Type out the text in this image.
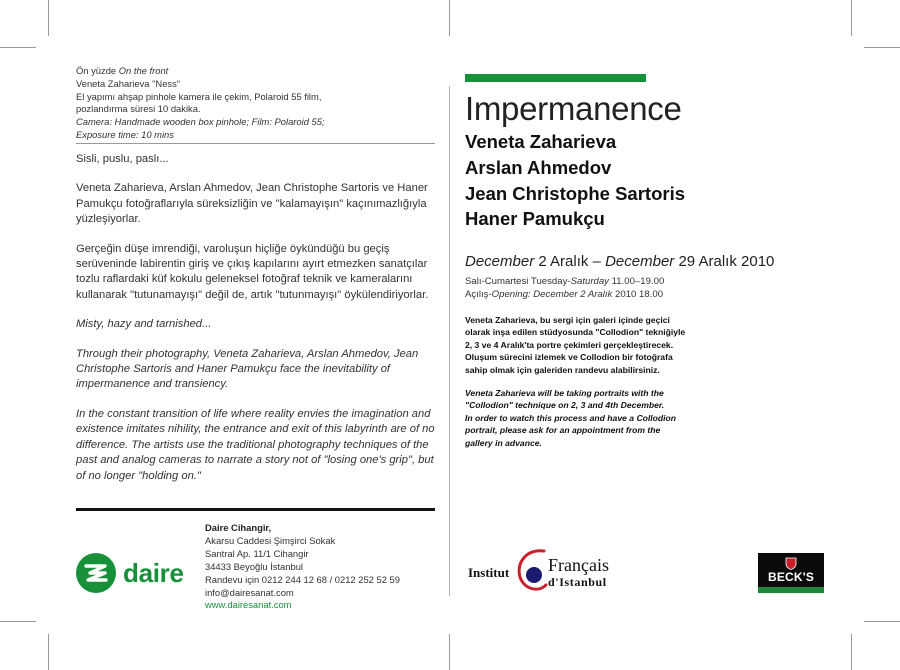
Ön yüzde On the front
Veneta Zaharieva "Ness"
El yapımı ahşap pinhole kamera ile çekim, Polaroid 55 film,
pozlandırma süresi 10 dakika.
Camera: Handmade wooden box pinhole; Film: Polaroid 55;
Exposure time: 10 mins

Sisli, puslu, paslı...

Veneta Zaharieva, Arslan Ahmedov, Jean Christophe Sartoris ve Haner Pamukçu fotoğraflarıyla süreksizliğin ve "kalamayışın" kaçınımazlığıyla yüzleşiyorlar.

Gerçeğin düşe imrendiği, varoluşun hiçliğe öykündüğü bu geçiş serüveninde labirentin giriş ve çıkış kapılarını ayırt etmezken sanatçılar tozlu raflardaki küf kokulu geleneksel fotoğraf teknik ve kameralarını kullanarak "tutunamayışı" değil de, artık "tutunmayışı" öykülendiriyorlar.

Misty, hazy and tarnished...

Through their photography, Veneta Zaharieva, Arslan Ahmedov, Jean Christophe Sartoris and Haner Pamukçu face the inevitability of impermanence and transiency.

In the constant transition of life where reality envies the imagination and existence imitates nihility, the entrance and exit of this labyrinth are of no difference. The artists use the traditional photography techniques of the past and analog cameras to narrate a story not of "losing one's grip", but of no longer "holding on."

daire
Daire Cihangir,
Akarsu Caddesi Şimşirci Sokak
Santral Ap. 11/1 Cihangir
34433 Beyoğlu İstanbul
Randevu için 0212 244 12 68 / 0212 252 52 59
info@dairesanat.com
www.dairesanat.com
Impermanence
Veneta Zaharieva
Arslan Ahmedov
Jean Christophe Sartoris
Haner Pamukçu
December 2 Aralık – December 29 Aralık 2010
Salı-Cumartesi Tuesday-Saturday 11.00–19.00
Açılış-Opening: December 2 Aralık 2010 18.00
Veneta Zaharieva, bu sergi için galeri içinde geçici
olarak inşa edilen stüdyosunda "Collodion" tekniğiyle
2, 3 ve 4 Aralık'ta portre çekimleri gerçekleştirecek.
Oluşum sürecini izlemek ve Collodion bir fotoğrafa
sahip olmak için galeriden randevu alabilirsiniz.
Veneta Zaharieva will be taking portraits with the
"Collodion" technique on 2, 3 and 4th December.
In order to watch this process and have a Collodion
portrait, please ask for an appointment from the
gallery in advance.
Institut Français
d'Istanbul	BECK'S
